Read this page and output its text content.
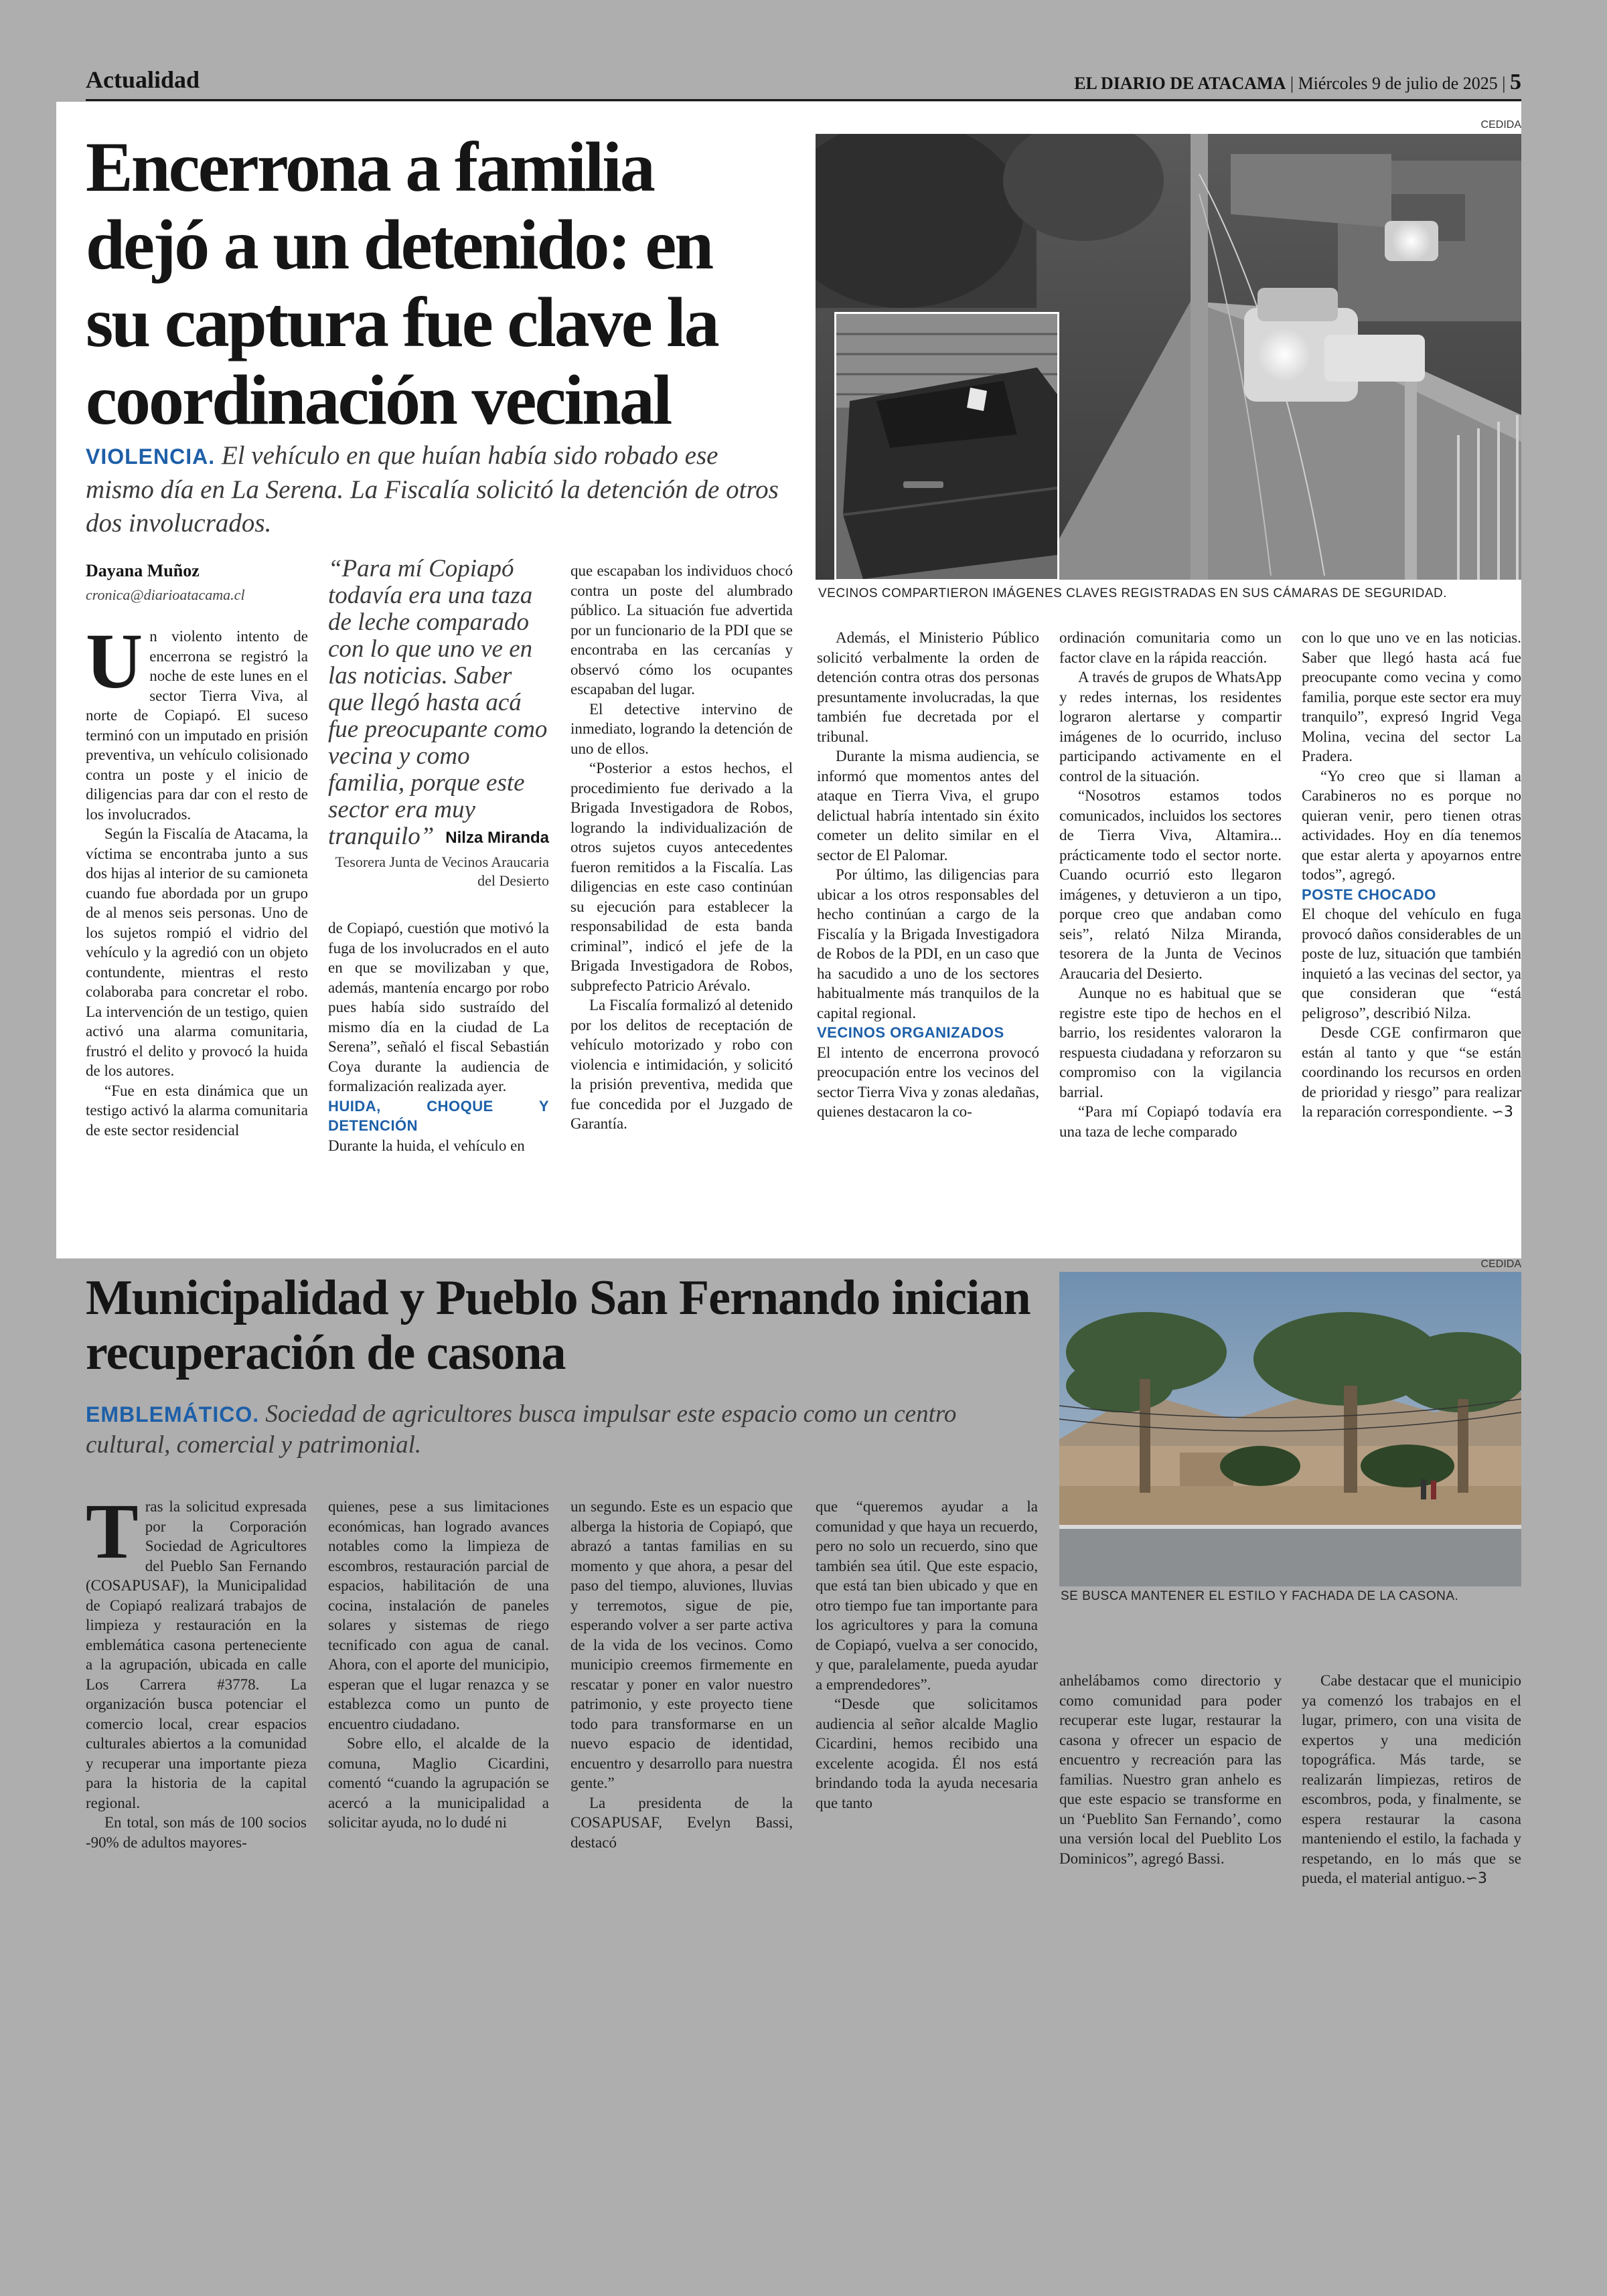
Actualidad	EL DIARIO DE ATACAMA | Miércoles 9 de julio de 2025 | 5
Encerrona a familia dejó a un detenido: en su captura fue clave la coordinación vecinal
VIOLENCIA. El vehículo en que huían había sido robado ese mismo día en La Serena. La Fiscalía solicitó la detención de otros dos involucrados.
CEDIDA
VECINOS COMPARTIERON IMÁGENES CLAVES REGISTRADAS EN SUS CÁMARAS DE SEGURIDAD.
Dayana Muñoz
cronica@diarioatacama.cl

Un violento intento de encerrona se registró la noche de este lunes en el sector Tierra Viva, al norte de Copiapó. El suceso terminó con un imputado en prisión preventiva, un vehículo colisionado contra un poste y el inicio de diligencias para dar con el resto de los involucrados.

Según la Fiscalía de Atacama, la víctima se encontraba junto a sus dos hijas al interior de su camioneta cuando fue abordada por un grupo de al menos seis personas. Uno de los sujetos rompió el vidrio del vehículo y la agredió con un objeto contundente, mientras el resto colaboraba para concretar el robo. La intervención de un testigo, quien activó una alarma comunitaria, frustró el delito y provocó la huida de los autores.

“Fue en esta dinámica que un testigo activó la alarma comunitaria de este sector residencial

“Para mí Copiapó todavía era una taza de leche comparado con lo que uno ve en las noticias. Saber que llegó hasta acá fue preocupante como vecina y como familia, porque este sector era muy tranquilo” Nilza Miranda
Tesorera Junta de Vecinos Araucaria del Desierto

de Copiapó, cuestión que motivó la fuga de los involucrados en el auto en que se movilizaban y que, además, mantenía encargo por robo pues había sido sustraído del mismo día en la ciudad de La Serena”, señaló el fiscal Sebastián Coya durante la audiencia de formalización realizada ayer.

HUIDA, CHOQUE Y DETENCIÓN

Durante la huida, el vehículo en

que escapaban los individuos chocó contra un poste del alumbrado público. La situación fue advertida por un funcionario de la PDI que se encontraba en las cercanías y observó cómo los ocupantes escapaban del lugar.

El detective intervino de inmediato, logrando la detención de uno de ellos.

“Posterior a estos hechos, el procedimiento fue derivado a la Brigada Investigadora de Robos, logrando la individualización de otros sujetos cuyos antecedentes fueron remitidos a la Fiscalía. Las diligencias en este caso continúan su ejecución para establecer la responsabilidad de esta banda criminal”, indicó el jefe de la Brigada Investigadora de Robos, subprefecto Patricio Arévalo.

La Fiscalía formalizó al detenido por los delitos de receptación de vehículo motorizado y robo con violencia e intimidación, y solicitó la prisión preventiva, medida que fue concedida por el Juzgado de Garantía.

Además, el Ministerio Público solicitó verbalmente la orden de detención contra otras dos personas presuntamente involucradas, la que también fue decretada por el tribunal.

Durante la misma audiencia, se informó que momentos antes del ataque en Tierra Viva, el grupo delictual habría intentado sin éxito cometer un delito similar en el sector de El Palomar.

Por último, las diligencias para ubicar a los otros responsables del hecho continúan a cargo de la Fiscalía y la Brigada Investigadora de Robos de la PDI, en un caso que ha sacudido a uno de los sectores habitualmente más tranquilos de la capital regional.

VECINOS ORGANIZADOS

El intento de encerrona provocó preocupación entre los vecinos del sector Tierra Viva y zonas aledañas, quienes destacaron la co-

ordinación comunitaria como un factor clave en la rápida reacción.

A través de grupos de WhatsApp y redes internas, los residentes lograron alertarse y compartir imágenes de lo ocurrido, incluso participando activamente en el control de la situación.

“Nosotros estamos todos comunicados, incluidos los sectores de Tierra Viva, Altamira... prácticamente todo el sector norte. Cuando ocurrió esto llegaron imágenes, y detuvieron a un tipo, porque creo que andaban como seis”, relató Nilza Miranda, tesorera de la Junta de Vecinos Araucaria del Desierto.

Aunque no es habitual que se registre este tipo de hechos en el barrio, los residentes valoraron la respuesta ciudadana y reforzaron su compromiso con la vigilancia barrial.

“Para mí Copiapó todavía era una taza de leche comparado

con lo que uno ve en las noticias. Saber que llegó hasta acá fue preocupante como vecina y como familia, porque este sector era muy tranquilo”, expresó Ingrid Vega Molina, vecina del sector La Pradera.

“Yo creo que si llaman a Carabineros no es porque no quieran venir, pero tienen otras actividades. Hoy en día tenemos que estar alerta y apoyarnos entre todos”, agregó.

POSTE CHOCADO

El choque del vehículo en fuga provocó daños considerables de un poste de luz, situación que también inquietó a las vecinas del sector, ya que consideran que “está peligroso”, describió Nilza.

Desde CGE confirmaron que están al tanto y que “se están coordinando los recursos en orden de prioridad y riesgo” para realizar la reparación correspondiente. ∽3

Municipalidad y Pueblo San Fernando inician recuperación de casona
EMBLEMÁTICO. Sociedad de agricultores busca impulsar este espacio como un centro cultural, comercial y patrimonial.
CEDIDA
SE BUSCA MANTENER EL ESTILO Y FACHADA DE LA CASONA.

Tras la solicitud expresada por la Corporación Sociedad de Agricultores del Pueblo San Fernando (COSAPUSAF), la Municipalidad de Copiapó realizará trabajos de limpieza y restauración en la emblemática casona perteneciente a la agrupación, ubicada en calle Los Carrera #3778. La organización busca potenciar el comercio local, crear espacios culturales abiertos a la comunidad y recuperar una importante pieza para la historia de la capital regional.

En total, son más de 100 socios -90% de adultos mayores-

quienes, pese a sus limitaciones económicas, han logrado avances notables como la limpieza de escombros, restauración parcial de espacios, habilitación de una cocina, instalación de paneles solares y sistemas de riego tecnificado con agua de canal. Ahora, con el aporte del municipio, esperan que el lugar renazca y se establezca como un punto de encuentro ciudadano.

Sobre ello, el alcalde de la comuna, Maglio Cicardini, comentó “cuando la agrupación se acercó a la municipalidad a solicitar ayuda, no lo dudé ni

un segundo. Este es un espacio que alberga la historia de Copiapó, que abrazó a tantas familias en su momento y que ahora, a pesar del paso del tiempo, aluviones, lluvias y terremotos, sigue de pie, esperando volver a ser parte activa de la vida de los vecinos. Como municipio creemos firmemente en rescatar y poner en valor nuestro patrimonio, y este proyecto tiene todo para transformarse en un nuevo espacio de identidad, encuentro y desarrollo para nuestra gente.”

La presidenta de la COSAPUSAF, Evelyn Bassi, destacó

que “queremos ayudar a la comunidad y que haya un recuerdo, pero no solo un recuerdo, sino que también sea útil. Que este espacio, que está tan bien ubicado y que en otro tiempo fue tan importante para los agricultores y para la comuna de Copiapó, vuelva a ser conocido, y que, paralelamente, pueda ayudar a emprendedores”.

“Desde que solicitamos audiencia al señor alcalde Maglio Cicardini, hemos recibido una excelente acogida. Él nos está brindando toda la ayuda necesaria que tanto

anhelábamos como directorio y como comunidad para poder recuperar este lugar, restaurar la casona y ofrecer un espacio de encuentro y recreación para las familias. Nuestro gran anhelo es que este espacio se transforme en un ‘Pueblito San Fernando’, como una versión local del Pueblito Los Dominicos”, agregó Bassi.

Cabe destacar que el municipio ya comenzó los trabajos en el lugar, primero, con una visita de expertos y una medición topográfica. Más tarde, se realizarán limpiezas, retiros de escombros, poda, y finalmente, se espera restaurar la casona manteniendo el estilo, la fachada y respetando, en lo más que se pueda, el material antiguo.∽3
